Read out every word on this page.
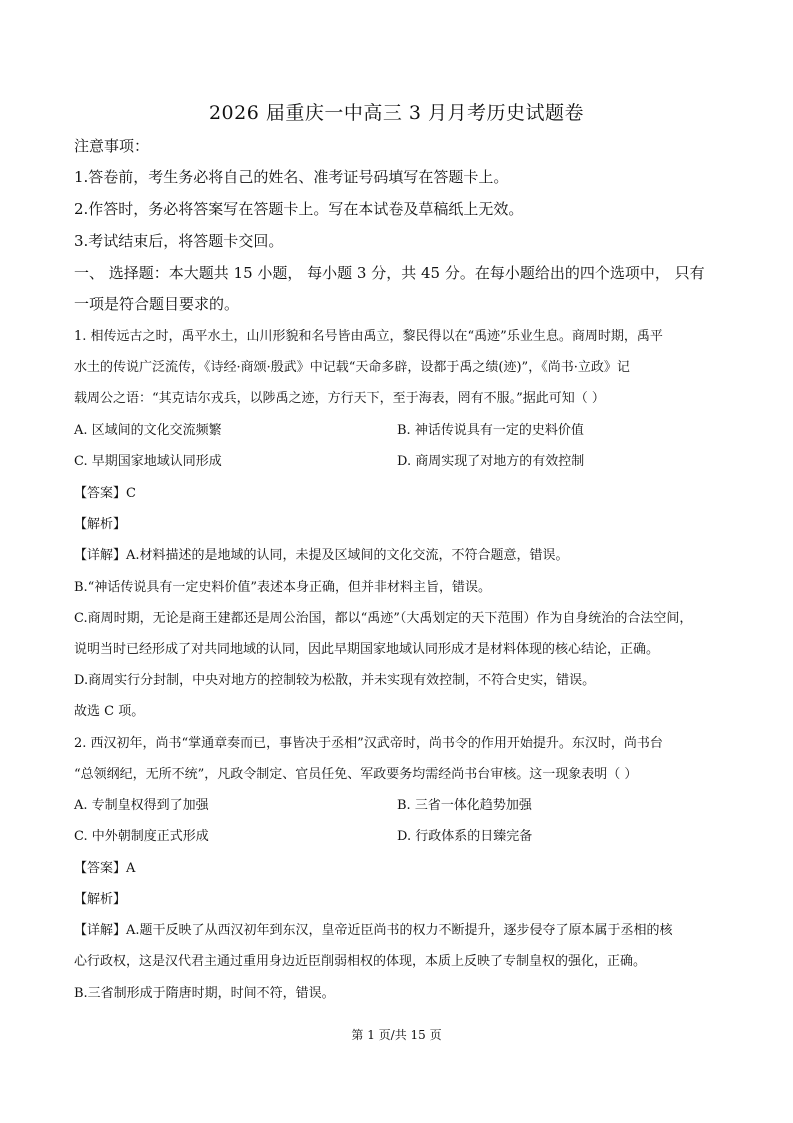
2026 届重庆一中高三 3 月月考历史试题卷
注意事项：
1.答卷前，考生务必将自己的姓名、准考证号码填写在答题卡上。
2.作答时，务必将答案写在答题卡上。写在本试卷及草稿纸上无效。
3.考试结束后，将答题卡交回。
一、 选择题：本大题共 15 小题， 每小题 3 分，共 45 分。在每小题给出的四个选项中， 只有
一项是符合题目要求的。
1. 相传远古之时，禹平水土，山川形貌和名号皆由禹立，黎民得以在“禹迹”乐业生息。商周时期，禹平
水土的传说广泛流传，《诗经·商颂·殷武》中记载“天命多辟，设都于禹之绩(迹)”，《尚书·立政》记
载周公之语：“其克诘尔戎兵，以陟禹之迹，方行天下，至于海表，罔有不服。”据此可知（ ）
A. 区域间的文化交流频繁	B. 神话传说具有一定的史料价值
C. 早期国家地域认同形成	D. 商周实现了对地方的有效控制
【答案】C
【解析】
【详解】A.材料描述的是地域的认同，未提及区域间的文化交流，不符合题意，错误。
B.“神话传说具有一定史料价值”表述本身正确，但并非材料主旨，错误。
C.商周时期，无论是商王建都还是周公治国，都以“禹迹”（大禹划定的天下范围）作为自身统治的合法空间，
说明当时已经形成了对共同地域的认同，因此早期国家地域认同形成才是材料体现的核心结论，正确。
D.商周实行分封制，中央对地方的控制较为松散，并未实现有效控制，不符合史实，错误。
故选 C 项。
2. 西汉初年，尚书“掌通章奏而已，事皆决于丞相”汉武帝时，尚书令的作用开始提升。东汉时，尚书台
“总领纲纪，无所不统”，凡政令制定、官员任免、军政要务均需经尚书台审核。这一现象表明（ ）
A. 专制皇权得到了加强	B. 三省一体化趋势加强
C. 中外朝制度正式形成	D. 行政体系的日臻完备
【答案】A
【解析】
【详解】A.题干反映了从西汉初年到东汉，皇帝近臣尚书的权力不断提升，逐步侵夺了原本属于丞相的核
心行政权，这是汉代君主通过重用身边近臣削弱相权的体现，本质上反映了专制皇权的强化，正确。
B.三省制形成于隋唐时期，时间不符，错误。
第 1 页/共 15 页
